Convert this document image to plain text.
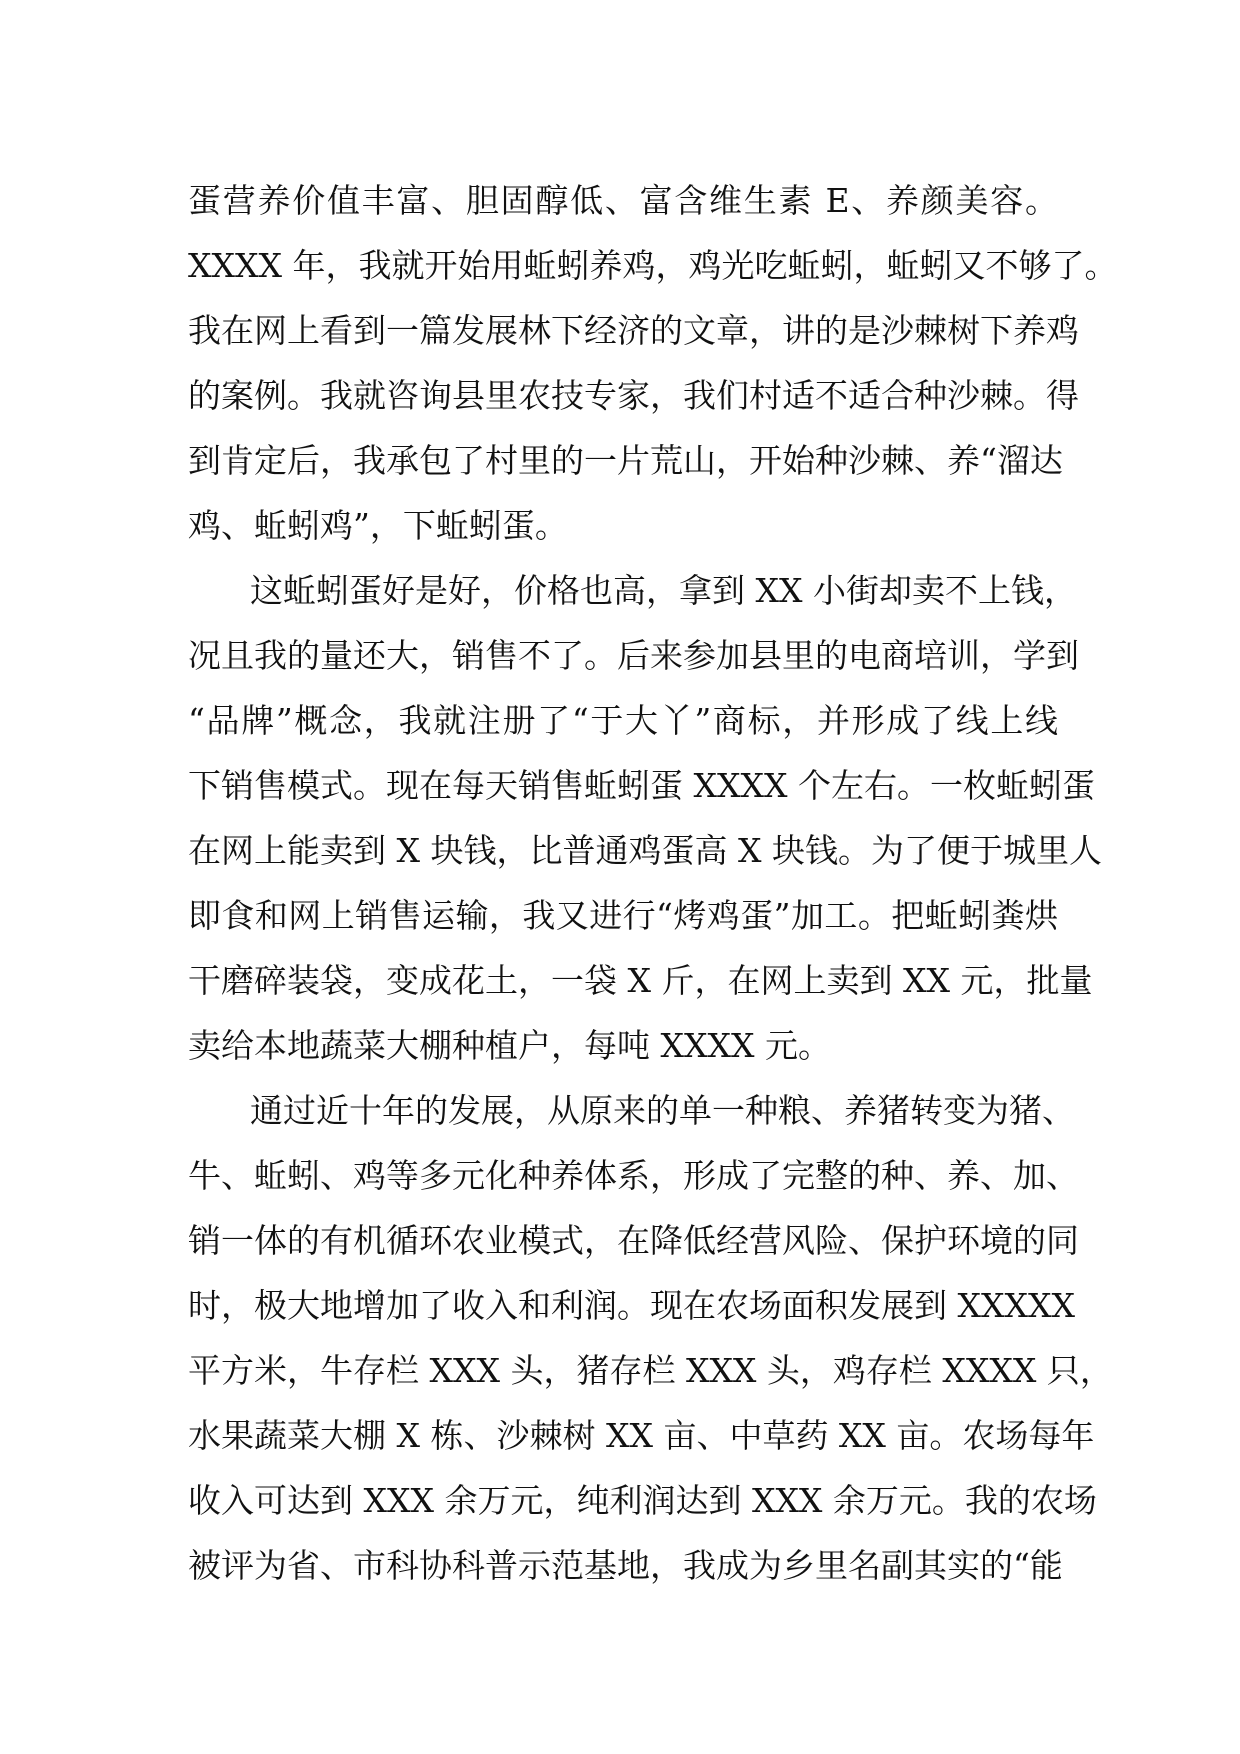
蛋营养价值丰富、胆固醇低、富含维生素 E、养颜美容。
XXXX 年，我就开始用蚯蚓养鸡，鸡光吃蚯蚓，蚯蚓又不够了。
我在网上看到一篇发展林下经济的文章，讲的是沙棘树下养鸡
的案例。我就咨询县里农技专家，我们村适不适合种沙棘。得
到肯定后，我承包了村里的一片荒山，开始种沙棘、养“溜达
鸡、蚯蚓鸡”，下蚯蚓蛋。
这蚯蚓蛋好是好，价格也高，拿到 XX 小街却卖不上钱，
况且我的量还大，销售不了。后来参加县里的电商培训，学到
“品牌”概念，我就注册了“于大丫”商标，并形成了线上线
下销售模式。现在每天销售蚯蚓蛋 XXXX 个左右。一枚蚯蚓蛋
在网上能卖到 X 块钱，比普通鸡蛋高 X 块钱。为了便于城里人
即食和网上销售运输，我又进行“烤鸡蛋”加工。把蚯蚓粪烘
干磨碎装袋，变成花土，一袋 X 斤，在网上卖到 XX 元，批量
卖给本地蔬菜大棚种植户，每吨 XXXX 元。
通过近十年的发展，从原来的单一种粮、养猪转变为猪、
牛、蚯蚓、鸡等多元化种养体系，形成了完整的种、养、加、
销一体的有机循环农业模式，在降低经营风险、保护环境的同
时，极大地增加了收入和利润。现在农场面积发展到 XXXXX
平方米，牛存栏 XXX 头，猪存栏 XXX 头，鸡存栏 XXXX 只，
水果蔬菜大棚 X 栋、沙棘树 XX 亩、中草药 XX 亩。农场每年
收入可达到 XXX 余万元，纯利润达到 XXX 余万元。我的农场
被评为省、市科协科普示范基地，我成为乡里名副其实的“能
